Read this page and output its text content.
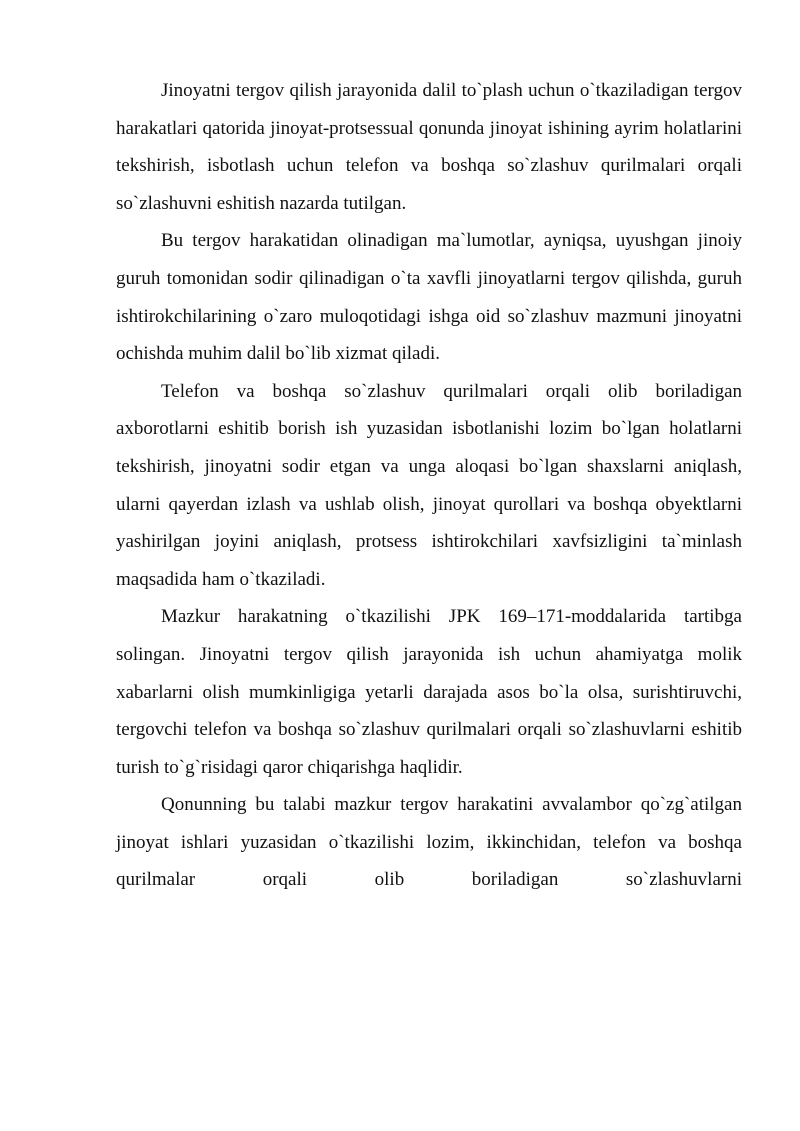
Jinoyatni tergov qilish jarayonida dalil to`plash uchun o`tkaziladigan tergov harakatlari qatorida jinoyat-protsessual qonunda jinoyat ishining ayrim holatlarini tekshirish, isbotlash uchun telefon va boshqa so`zlashuv qurilmalari orqali so`zlashuvni eshitish nazarda tutilgan.

Bu tergov harakatidan olinadigan ma`lumotlar, ayniqsa, uyushgan jinoiy guruh tomonidan sodir qilinadigan o`ta xavfli jinoyatlarni tergov qilishda, guruh ishtirokchilarining o`zaro muloqotidagi ishga oid so`zlashuv mazmuni jinoyatni ochishda muhim dalil bo`lib xizmat qiladi.

Telefon va boshqa so`zlashuv qurilmalari orqali olib boriladigan axborotlarni eshitib borish ish yuzasidan isbotlanishi lozim bo`lgan holatlarni tekshirish, jinoyatni sodir etgan va unga aloqasi bo`lgan shaxslarni aniqlash, ularni qayerdan izlash va ushlab olish, jinoyat qurollari va boshqa obyektlarni yashirilgan joyini aniqlash, protsess ishtirokchilari xavfsizligini ta`minlash maqsadida ham o`tkaziladi.

Mazkur harakatning o`tkazilishi JPK 169–171-moddalarida tartibga solingan. Jinoyatni tergov qilish jarayonida ish uchun ahamiyatga molik xabarlarni olish mumkinligiga yetarli darajada asos bo`la olsa, surishtiruvchi, tergovchi telefon va boshqa so`zlashuv qurilmalari orqali so`zlashuvlarni eshitib turish to`g`risidagi qaror chiqarishga haqlidir.

Qonunning bu talabi mazkur tergov harakatini avvalambor qo`zg`atilgan jinoyat ishlari yuzasidan o`tkazilishi lozim, ikkinchidan, telefon va boshqa qurilmalar orqali olib boriladigan so`zlashuvlarni
